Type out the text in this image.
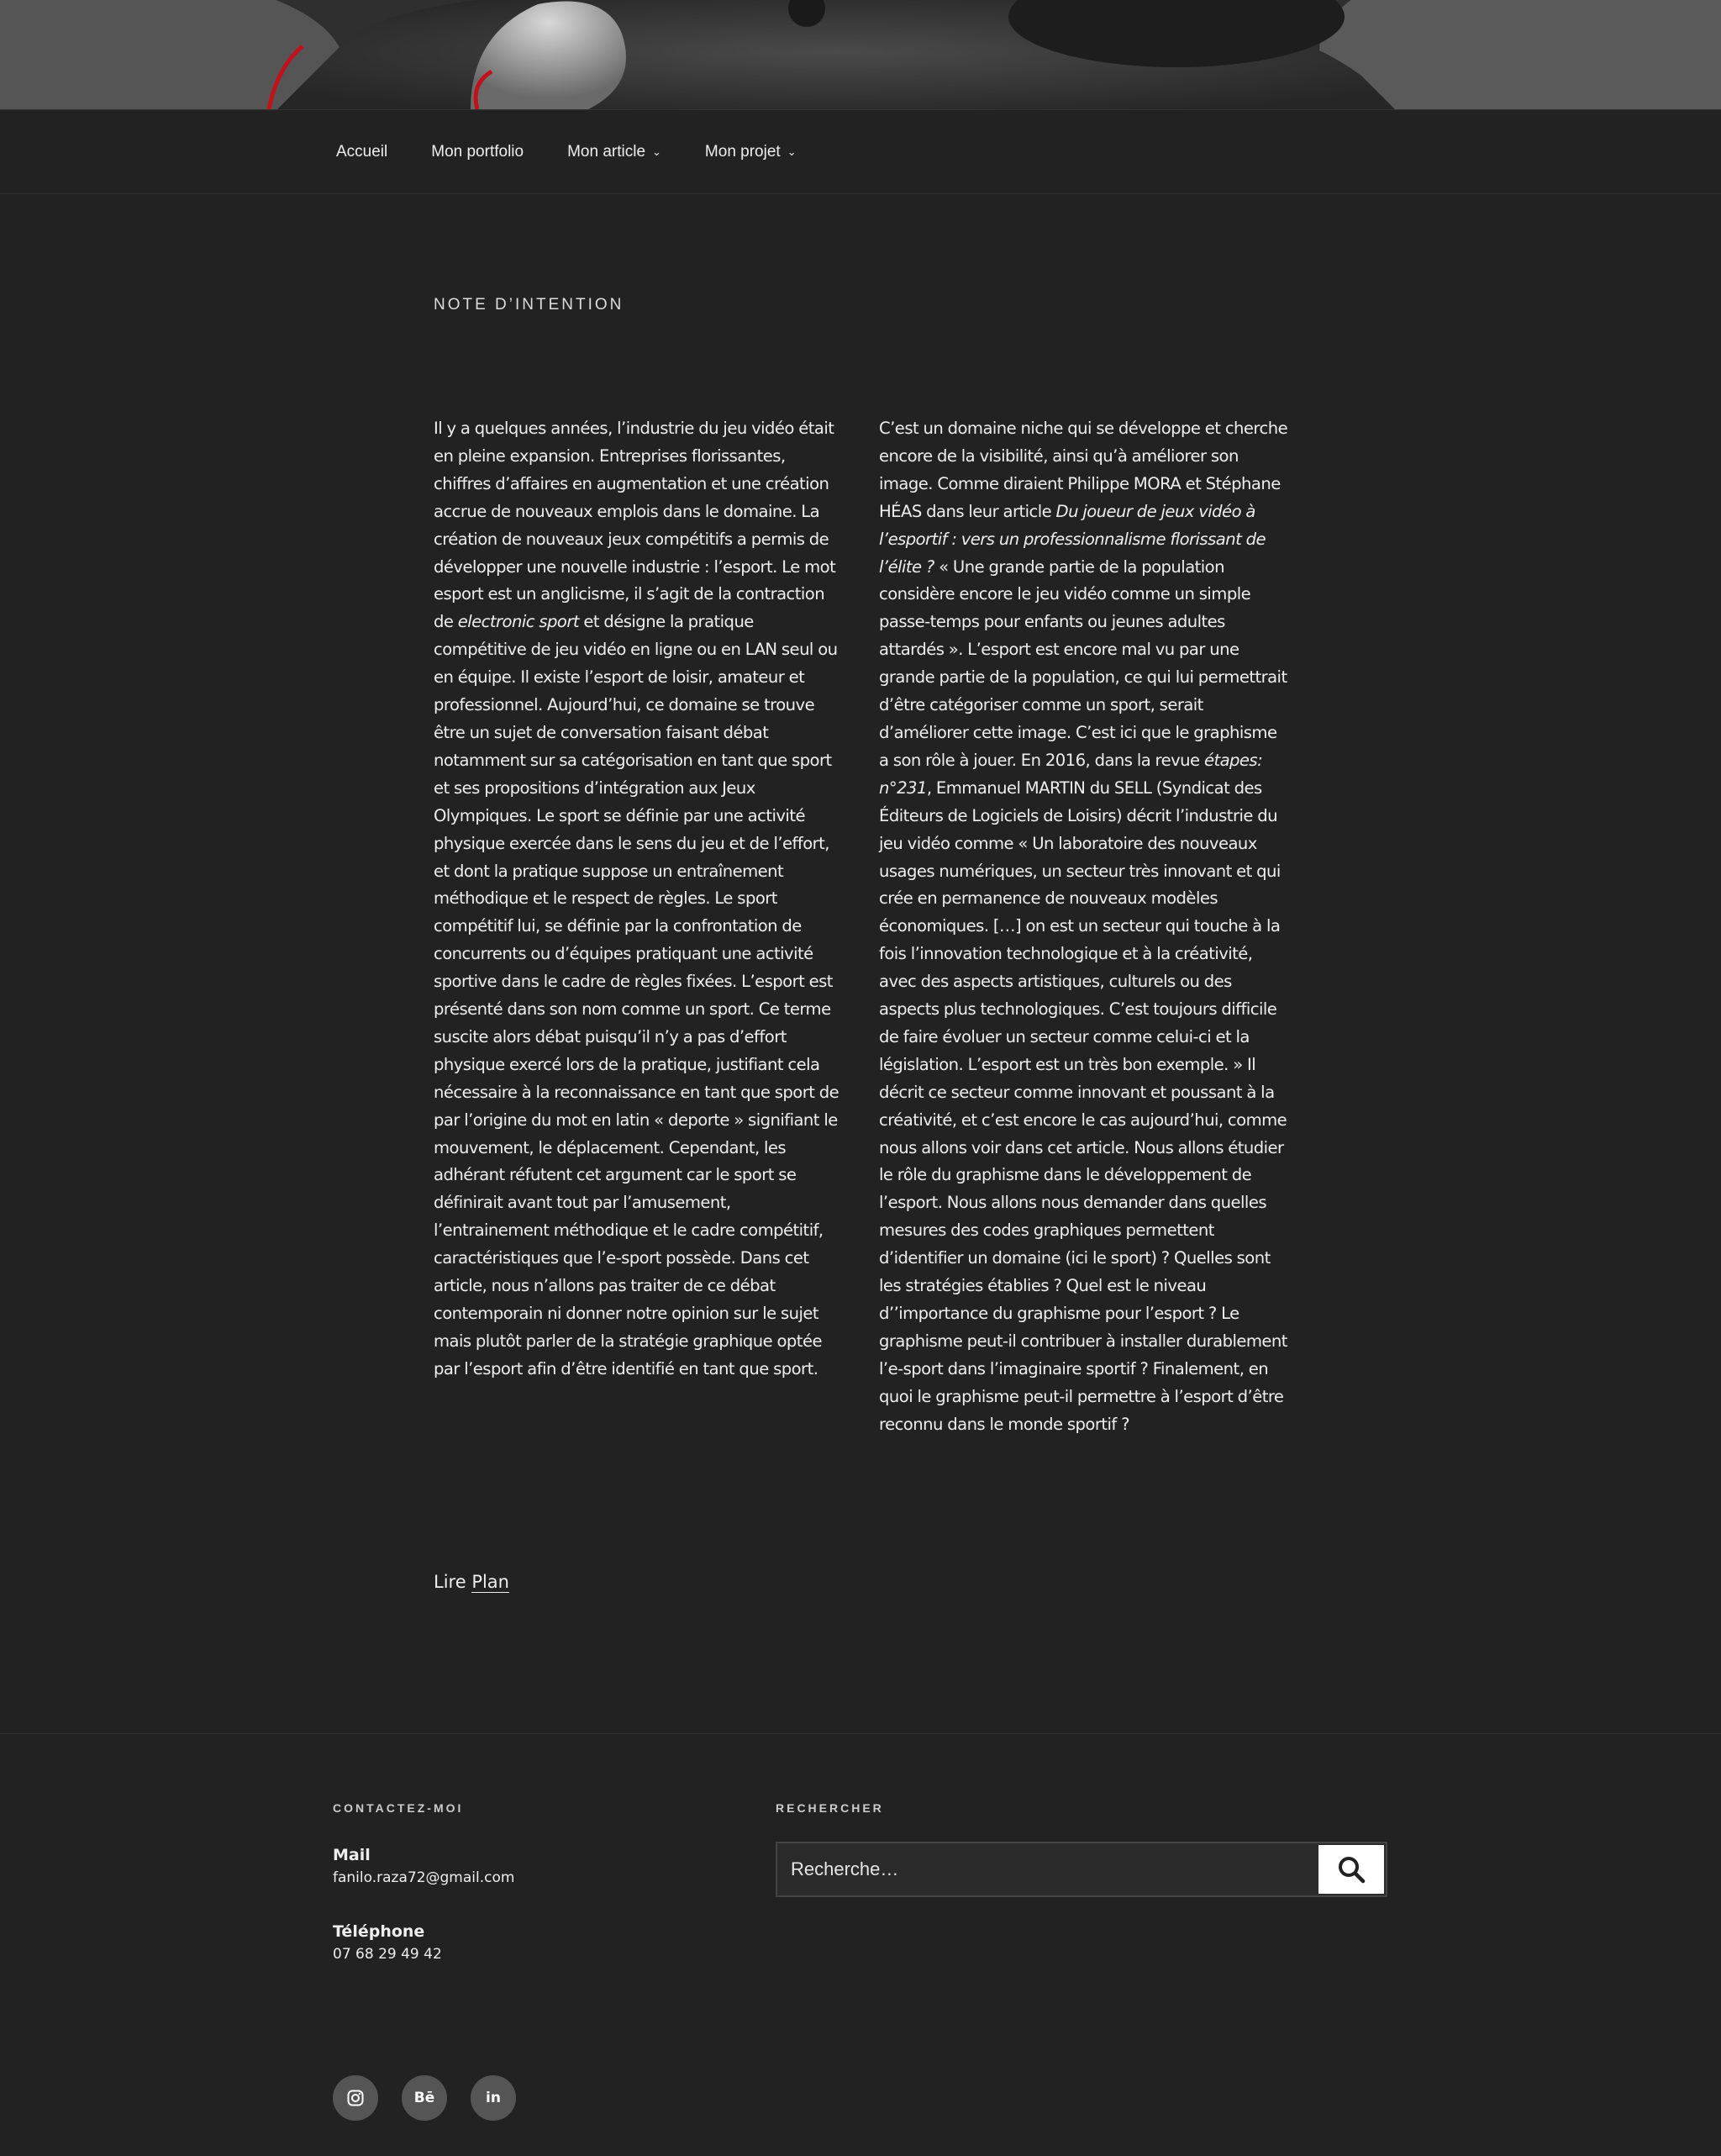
Accueil	Mon portfolio	Mon article ⌄	Mon projet ⌄
NOTE D’INTENTION

Il y a quelques années, l’industrie du jeu vidéo était en pleine expansion. Entreprises florissantes, chiffres d’affaires en augmentation et une création accrue de nouveaux emplois dans le domaine. La création de nouveaux jeux compétitifs a permis de développer une nouvelle industrie : l’esport. Le mot esport est un anglicisme, il s’agit de la contraction de electronic sport et désigne la pratique compétitive de jeu vidéo en ligne ou en LAN seul ou en équipe. Il existe l’esport de loisir, amateur et professionnel. Aujourd’hui, ce domaine se trouve être un sujet de conversation faisant débat notamment sur sa catégorisation en tant que sport et ses propositions d’intégration aux Jeux Olympiques. Le sport se définie par une activité physique exercée dans le sens du jeu et de l’effort, et dont la pratique suppose un entraînement méthodique et le respect de règles. Le sport compétitif lui, se définie par la confrontation de concurrents ou d’équipes pratiquant une activité sportive dans le cadre de règles fixées. L’esport est présenté dans son nom comme un sport. Ce terme suscite alors débat puisqu’il n’y a pas d’effort physique exercé lors de la pratique, justifiant cela nécessaire à la reconnaissance en tant que sport de par l’origine du mot en latin « deporte » signifiant le mouvement, le déplacement. Cependant, les adhérant réfutent cet argument car le sport se définirait avant tout par l’amusement, l’entrainement méthodique et le cadre compétitif, caractéristiques que l’e-sport possède. Dans cet article, nous n’allons pas traiter de ce débat contemporain ni donner notre opinion sur le sujet mais plutôt parler de la stratégie graphique optée par l’esport afin d’être identifié en tant que sport.

C’est un domaine niche qui se développe et cherche encore de la visibilité, ainsi qu’à améliorer son image. Comme diraient Philippe MORA et Stéphane HÉAS dans leur article Du joueur de jeux vidéo à l’esportif : vers un professionnalisme florissant de l’élite ? « Une grande partie de la population considère encore le jeu vidéo comme un simple passe-temps pour enfants ou jeunes adultes attardés ». L’esport est encore mal vu par une grande partie de la population, ce qui lui permettrait d’être catégoriser comme un sport, serait d’améliorer cette image. C’est ici que le graphisme a son rôle à jouer. En 2016, dans la revue étapes: n°231, Emmanuel MARTIN du SELL (Syndicat des Éditeurs de Logiciels de Loisirs) décrit l’industrie du jeu vidéo comme « Un laboratoire des nouveaux usages numériques, un secteur très innovant et qui crée en permanence de nouveaux modèles économiques. […] on est un secteur qui touche à la fois l’innovation technologique et à la créativité, avec des aspects artistiques, culturels ou des aspects plus technologiques. C’est toujours difficile de faire évoluer un secteur comme celui-ci et la législation. L’esport est un très bon exemple. » Il décrit ce secteur comme innovant et poussant à la créativité, et c’est encore le cas aujourd’hui, comme nous allons voir dans cet article. Nous allons étudier le rôle du graphisme dans le développement de l’esport. Nous allons nous demander dans quelles mesures des codes graphiques permettent d’identifier un domaine (ici le sport) ? Quelles sont les stratégies établies ? Quel est le niveau d’’importance du graphisme pour l’esport ? Le graphisme peut-il contribuer à installer durablement l’e-sport dans l’imaginaire sportif ? Finalement, en quoi le graphisme peut-il permettre à l’esport d’être reconnu dans le monde sportif ?

Lire Plan
CONTACTEZ-MOI
Mail
fanilo.raza72@gmail.com
Téléphone
07 68 29 49 42
RECHERCHER
Recherche…
Bē	in
